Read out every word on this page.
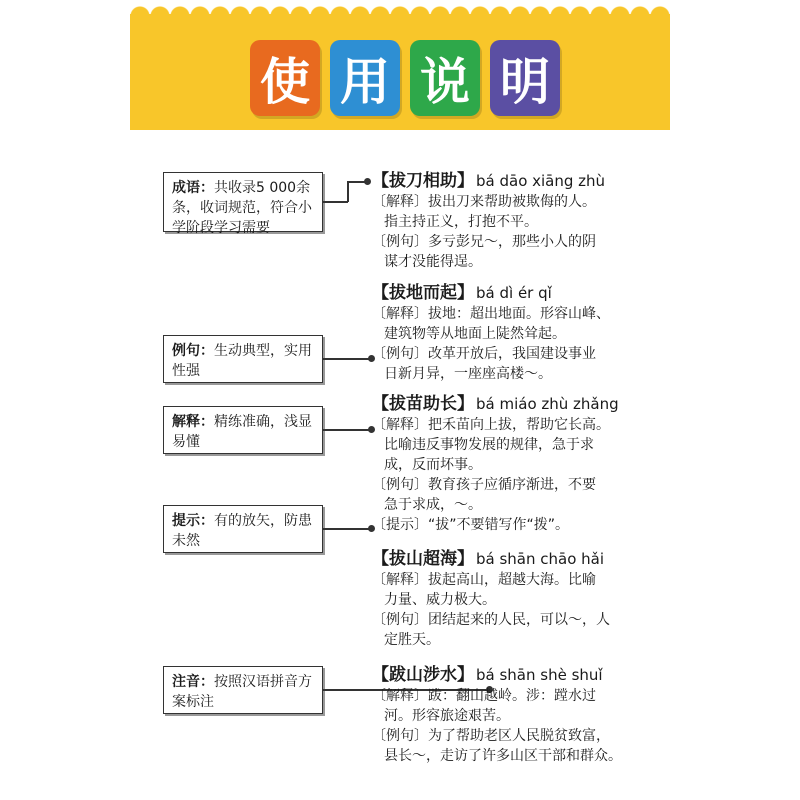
使 用 说 明
成语：共收录5 000余条，收词规范，符合小学阶段学习需要
例句：生动典型，实用性强
解释：精练准确，浅显易懂
提示：有的放矢，防患未然
注音：按照汉语拼音方案标注
【拔刀相助】 bá dāo xiāng zhù
〔解释〕拔出刀来帮助被欺侮的人。
指主持正义，打抱不平。
〔例句〕多亏彭兄～，那些小人的阴
谋才没能得逞。
【拔地而起】 bá dì ér qǐ
〔解释〕拔地：超出地面。形容山峰、
建筑物等从地面上陡然耸起。
〔例句〕改革开放后，我国建设事业
日新月异，一座座高楼～。
【拔苗助长】 bá miáo zhù zhǎng
〔解释〕把禾苗向上拔，帮助它长高。
比喻违反事物发展的规律，急于求
成，反而坏事。
〔例句〕教育孩子应循序渐进，不要
急于求成，～。
〔提示〕“拔”不要错写作“拨”。
【拔山超海】 bá shān chāo hǎi
〔解释〕拔起高山，超越大海。比喻
力量、威力极大。
〔例句〕团结起来的人民，可以～，人
定胜天。
【跋山涉水】 bá shān shè shuǐ
〔解释〕跋：翻山越岭。涉：蹚水过
河。形容旅途艰苦。
〔例句〕为了帮助老区人民脱贫致富，
县长～，走访了许多山区干部和群众。
